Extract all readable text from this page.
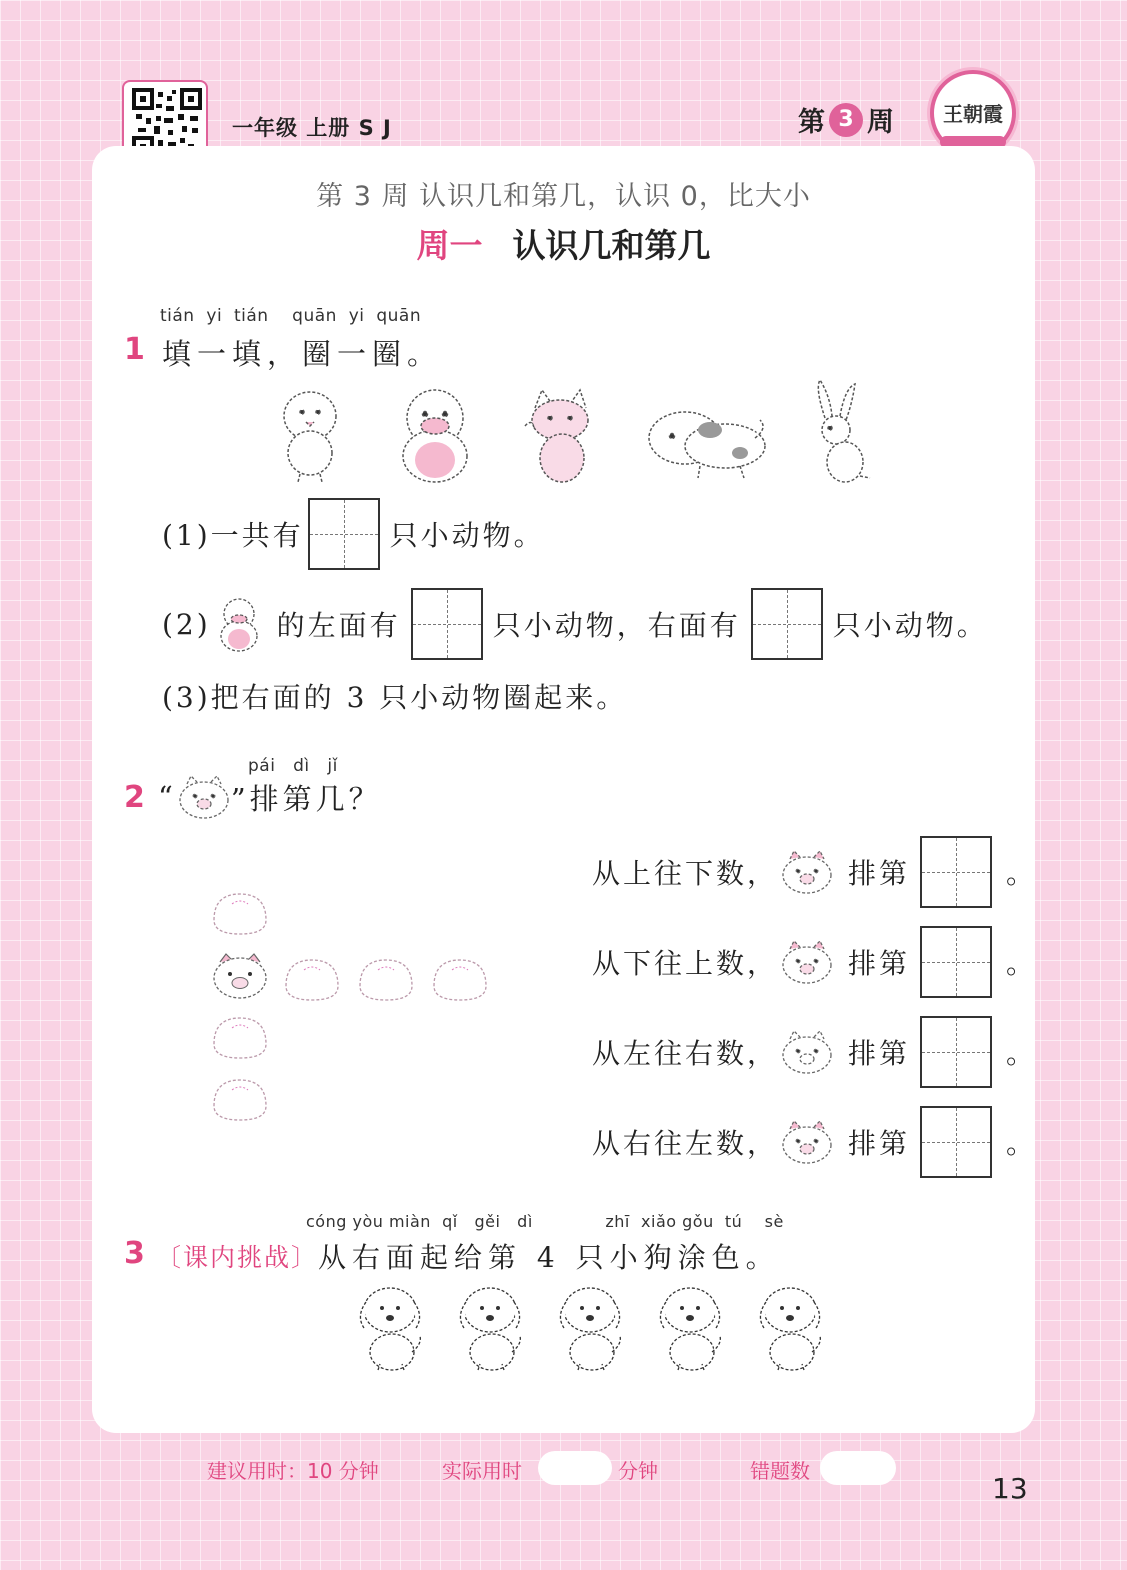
一年级 上册 S J	第 3 周	王朝霞
第 3 周 认识几和第几，认识 0，比大小
周一 认识几和第几
tián  yi  tián    quān  yi  quān
1 填一填，圈一圈。
(1)一共有	只小动物。
(2) 的左面有	只小动物，右面有	只小动物。
(3)把右面的 3 只小动物圈起来。
pái   dì   jǐ
2 “ ”排第几？
从上往下数，	排第	。
从下往上数，	排第	。
从左往右数，	排第	。
从右往左数，	排第	。
cóng yòu miàn  qǐ   gěi   dì             zhī  xiǎo gǒu  tú    sè
3 〔课内挑战〕 从右面起给第 4 只小狗涂色。
建议用时：10 分钟	实际用时	分钟	错题数
13
